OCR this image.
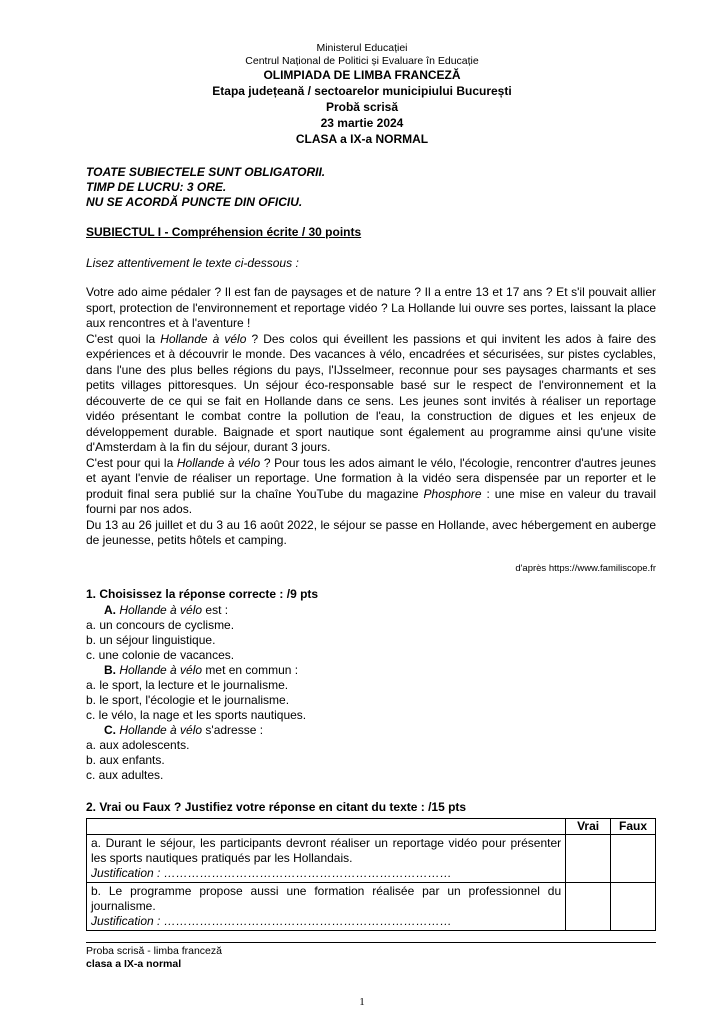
Ministerul Educației
Centrul Național de Politici și Evaluare în Educație
OLIMPIADA DE LIMBA FRANCEZĂ
Etapa județeană / sectoarelor municipiului București
Probă scrisă
23 martie 2024
CLASA a IX-a NORMAL
TOATE SUBIECTELE SUNT OBLIGATORII.
TIMP DE LUCRU: 3 ORE.
NU SE ACORDĂ PUNCTE DIN OFICIU.
SUBIECTUL I - Compréhension écrite / 30 points
Lisez attentivement le texte ci-dessous :
Votre ado aime pédaler ? Il est fan de paysages et de nature ? Il a entre 13 et 17 ans ? Et s'il pouvait allier sport, protection de l'environnement et reportage vidéo ? La Hollande lui ouvre ses portes, laissant la place aux rencontres et à l'aventure !
C'est quoi la Hollande à vélo ? Des colos qui éveillent les passions et qui invitent les ados à faire des expériences et à découvrir le monde. Des vacances à vélo, encadrées et sécurisées, sur pistes cyclables, dans l'une des plus belles régions du pays, l'IJsselmeer, reconnue pour ses paysages charmants et ses petits villages pittoresques. Un séjour éco-responsable basé sur le respect de l'environnement et la découverte de ce qui se fait en Hollande dans ce sens. Les jeunes sont invités à réaliser un reportage vidéo présentant le combat contre la pollution de l'eau, la construction de digues et les enjeux de développement durable. Baignade et sport nautique sont également au programme ainsi qu'une visite d'Amsterdam à la fin du séjour, durant 3 jours.
C'est pour qui la Hollande à vélo ? Pour tous les ados aimant le vélo, l'écologie, rencontrer d'autres jeunes et ayant l'envie de réaliser un reportage. Une formation à la vidéo sera dispensée par un reporter et le produit final sera publié sur la chaîne YouTube du magazine Phosphore : une mise en valeur du travail fourni par nos ados.
Du 13 au 26 juillet et du 3 au 16 août 2022, le séjour se passe en Hollande, avec hébergement en auberge de jeunesse, petits hôtels et camping.
d'après https://www.familiscope.fr
1. Choisissez la réponse correcte : /9 pts
A. Hollande à vélo est :
a. un concours de cyclisme.
b. un séjour linguistique.
c. une colonie de vacances.
B. Hollande à vélo met en commun :
a. le sport, la lecture et le journalisme.
b. le sport, l'écologie et le journalisme.
c. le vélo, la nage et les sports nautiques.
C. Hollande à vélo s'adresse :
a. aux adolescents.
b. aux enfants.
c. aux adultes.
2. Vrai ou Faux ? Justifiez votre réponse en citant du texte : /15 pts
	Vrai	Faux

a. Durant le séjour, les participants devront réaliser un reportage vidéo pour présenter les sports nautiques pratiqués par les Hollandais.
Justification : ………………………………………………………………		

b. Le programme propose aussi une formation réalisée par un professionnel du journalisme.
Justification : ………………………………………………………………		

Proba scrisă - limba franceză
clasa a IX-a normal
1
